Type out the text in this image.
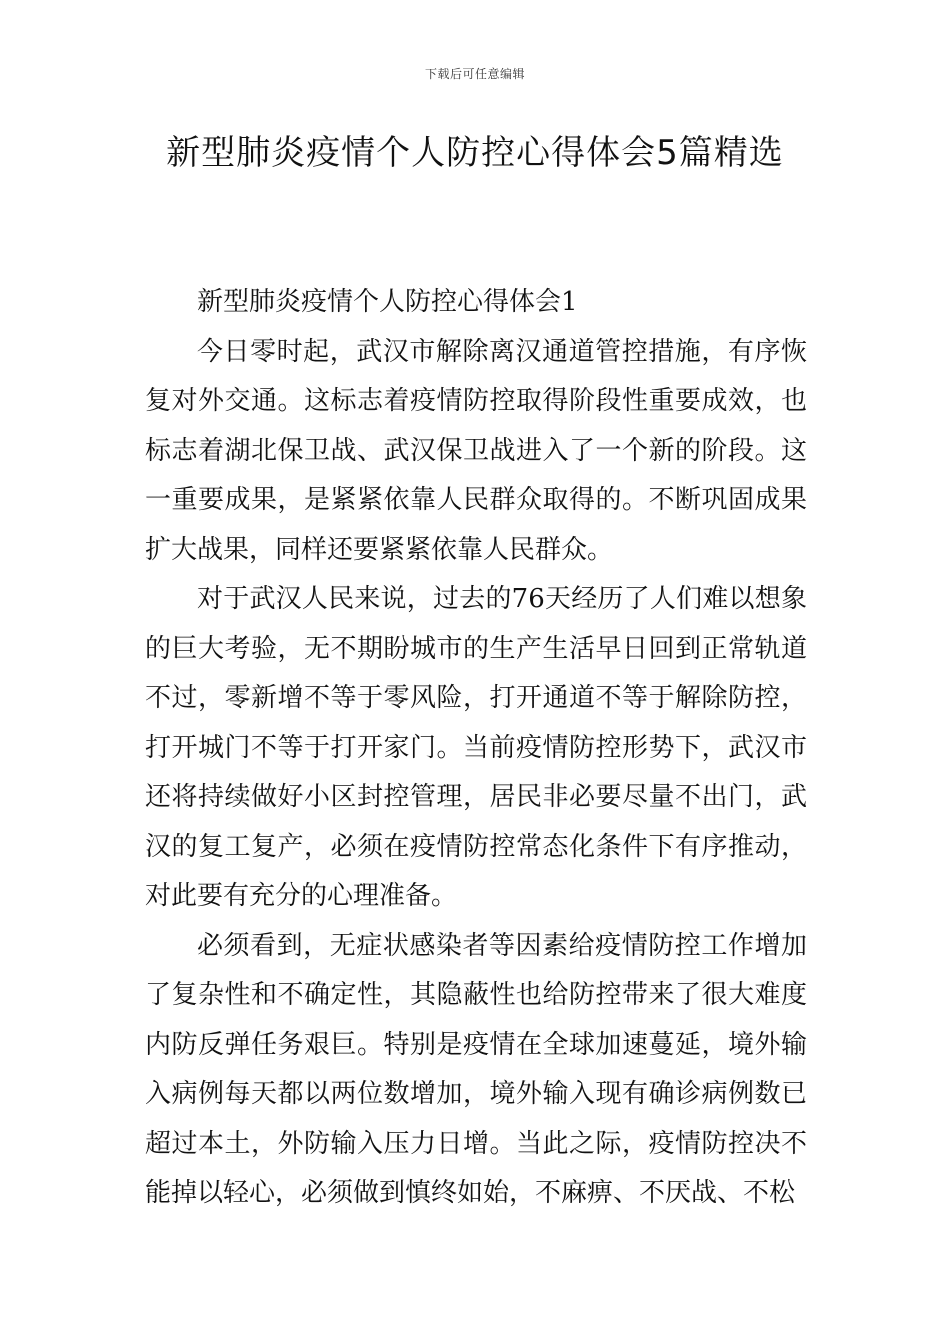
下载后可任意编辑
新型肺炎疫情个人防控心得体会5篇精选
新型肺炎疫情个人防控心得体会1

今日零时起，武汉市解除离汉通道管控措施，有序恢复对外交通。这标志着疫情防控取得阶段性重要成效，也标志着湖北保卫战、武汉保卫战进入了一个新的阶段。这一重要成果，是紧紧依靠人民群众取得的。不断巩固成果扩大战果，同样还要紧紧依靠人民群众。

对于武汉人民来说，过去的76天经历了人们难以想象的巨大考验，无不期盼城市的生产生活早日回到正常轨道不过，零新增不等于零风险，打开通道不等于解除防控，打开城门不等于打开家门。当前疫情防控形势下，武汉市还将持续做好小区封控管理，居民非必要尽量不出门，武汉的复工复产，必须在疫情防控常态化条件下有序推动，对此要有充分的心理准备。

必须看到，无症状感染者等因素给疫情防控工作增加了复杂性和不确定性，其隐蔽性也给防控带来了很大难度内防反弹任务艰巨。特别是疫情在全球加速蔓延，境外输入病例每天都以两位数增加，境外输入现有确诊病例数已超过本土，外防输入压力日增。当此之际，疫情防控决不能掉以轻心，必须做到慎终如始，不麻痹、不厌战、不松
